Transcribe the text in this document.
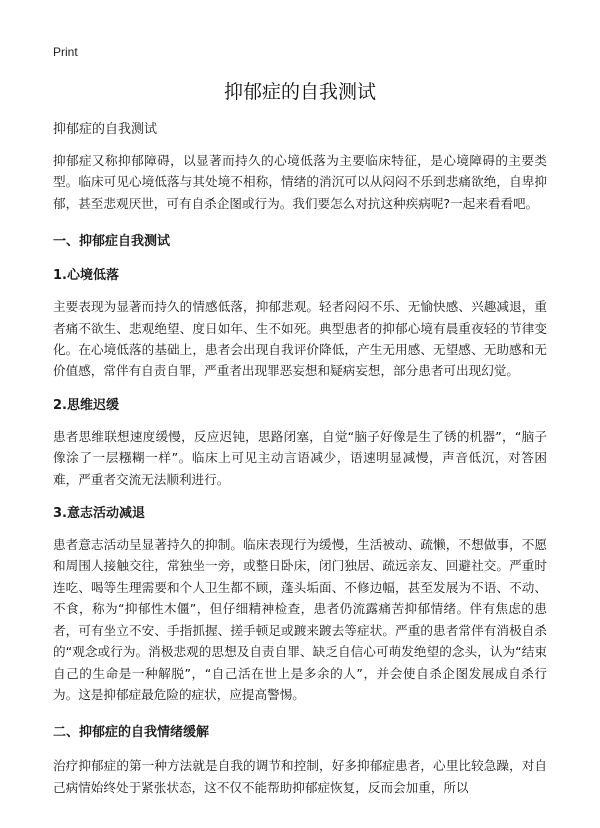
Print
抑郁症的自我测试
抑郁症的自我测试

抑郁症又称抑郁障碍，以显著而持久的心境低落为主要临床特征，是心境障碍的主要类型。临床可见心境低落与其处境不相称，情绪的消沉可以从闷闷不乐到悲痛欲绝，自卑抑郁，甚至悲观厌世，可有自杀企图或行为。我们要怎么对抗这种疾病呢?一起来看看吧。

一、抑郁症自我测试
1.心境低落

主要表现为显著而持久的情感低落，抑郁悲观。轻者闷闷不乐、无愉快感、兴趣减退，重者痛不欲生、悲观绝望、度日如年、生不如死。典型患者的抑郁心境有晨重夜轻的节律变化。在心境低落的基础上，患者会出现自我评价降低，产生无用感、无望感、无助感和无价值感，常伴有自责自罪，严重者出现罪恶妄想和疑病妄想，部分患者可出现幻觉。

2.思维迟缓

患者思维联想速度缓慢，反应迟钝，思路闭塞，自觉“脑子好像是生了锈的机器”，“脑子像涂了一层糨糊一样”。临床上可见主动言语减少，语速明显减慢，声音低沉，对答困难，严重者交流无法顺利进行。

3.意志活动减退

患者意志活动呈显著持久的抑制。临床表现行为缓慢，生活被动、疏懒，不想做事，不愿和周围人接触交往，常独坐一旁，或整日卧床，闭门独居、疏远亲友、回避社交。严重时连吃、喝等生理需要和个人卫生都不顾，蓬头垢面、不修边幅，甚至发展为不语、不动、不食，称为“抑郁性木僵”，但仔细精神检查，患者仍流露痛苦抑郁情绪。伴有焦虑的患者，可有坐立不安、手指抓握、搓手顿足或踱来踱去等症状。严重的患者常伴有消极自杀的“观念或行为。消极悲观的思想及自责自罪、缺乏自信心可萌发绝望的念头，认为“结束自己的生命是一种解脱”，“自己活在世上是多余的人”，并会使自杀企图发展成自杀行为。这是抑郁症最危险的症状，应提高警惕。

二、抑郁症的自我情绪缓解

治疗抑郁症的第一种方法就是自我的调节和控制，好多抑郁症患者，心里比较急躁，对自己病情始终处于紧张状态，这不仅不能帮助抑郁症恢复，反而会加重，所以
